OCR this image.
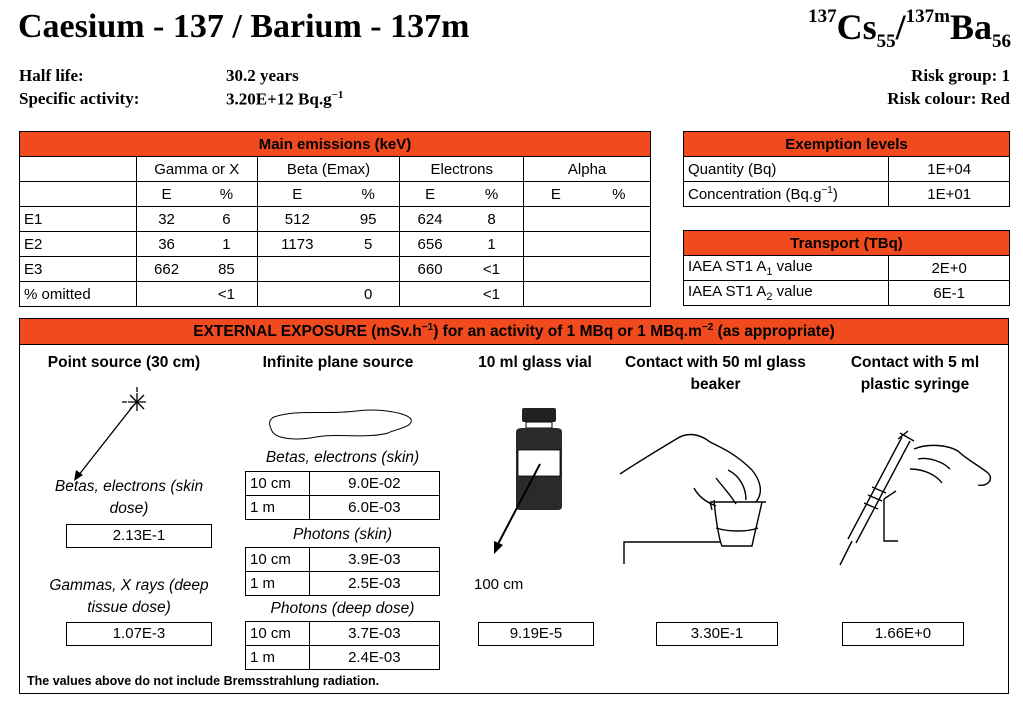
Caesium - 137 / Barium - 137m	$^{137}Cs_{55}/^{137m}Ba_{56}$
Half life:	30.2 years
Specific activity:	3.20E+12 $Bq.g^{-1}$
Risk group: 1
Risk colour: Red
Main emissions (keV)								
	Gamma or X		Beta (Emax)		Electrons		Alpha	
	E	%	E	%	E	%	E	%
E1	32	6	512	95	624	8		
E2	36	1	1173	5	656	1		
E3	662	85			660	<1		
% omitted		<1		0		<1		
Exemption levels	
Quantity (Bq)	1E+04
Concentration $(Bq.g^{-1})$	1E+01
Transport (TBq)	
IAEA ST1 $A_1$ value	2E+0
IAEA ST1 $A_2$ value	6E-1
EXTERNAL EXPOSURE $(mSv.h^{-1})$ for an activity of 1 MBq or 1 $MBq.m^{-2}$ (as appropriate)
Point source (30 cm)
Betas, electrons (skin dose)
2.13E-1
Gammas, X rays (deep tissue dose)
1.07E-3
Infinite plane source
Betas, electrons (skin)
10 cm	9.0E-02
1 m	6.0E-03
Photons (skin)
10 cm	3.9E-03
1 m	2.5E-03
Photons (deep dose)
10 cm	3.7E-03
1 m	2.4E-03
10 ml glass vial
100 cm
9.19E-5
Contact with 50 ml glass beaker
3.30E-1
Contact with 5 ml plastic syringe
1.66E+0
The values above do not include Bremsstrahlung radiation.
